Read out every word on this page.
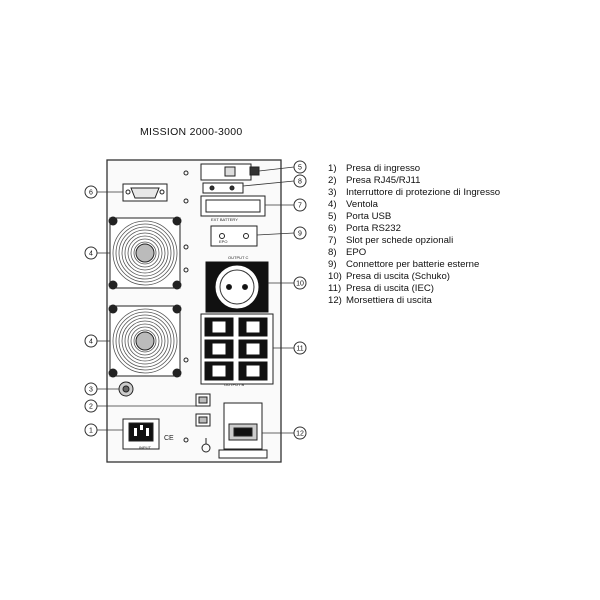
MISSION 2000-3000
CE
EXT BATTERY
OUTPUT C
OUTPUT B
INPUT
EPO
1
2
3
4
4
5
6
7
8
9
10
11
12
1) Presa di ingresso
2) Presa RJ45/RJ11
3) Interruttore di protezione di Ingresso
4) Ventola
5) Porta USB
6) Porta RS232
7) Slot per schede opzionali
8) EPO
9) Connettore per batterie esterne
10) Presa di uscita (Schuko)
11) Presa di uscita (IEC)
12) Morsettiera di uscita
